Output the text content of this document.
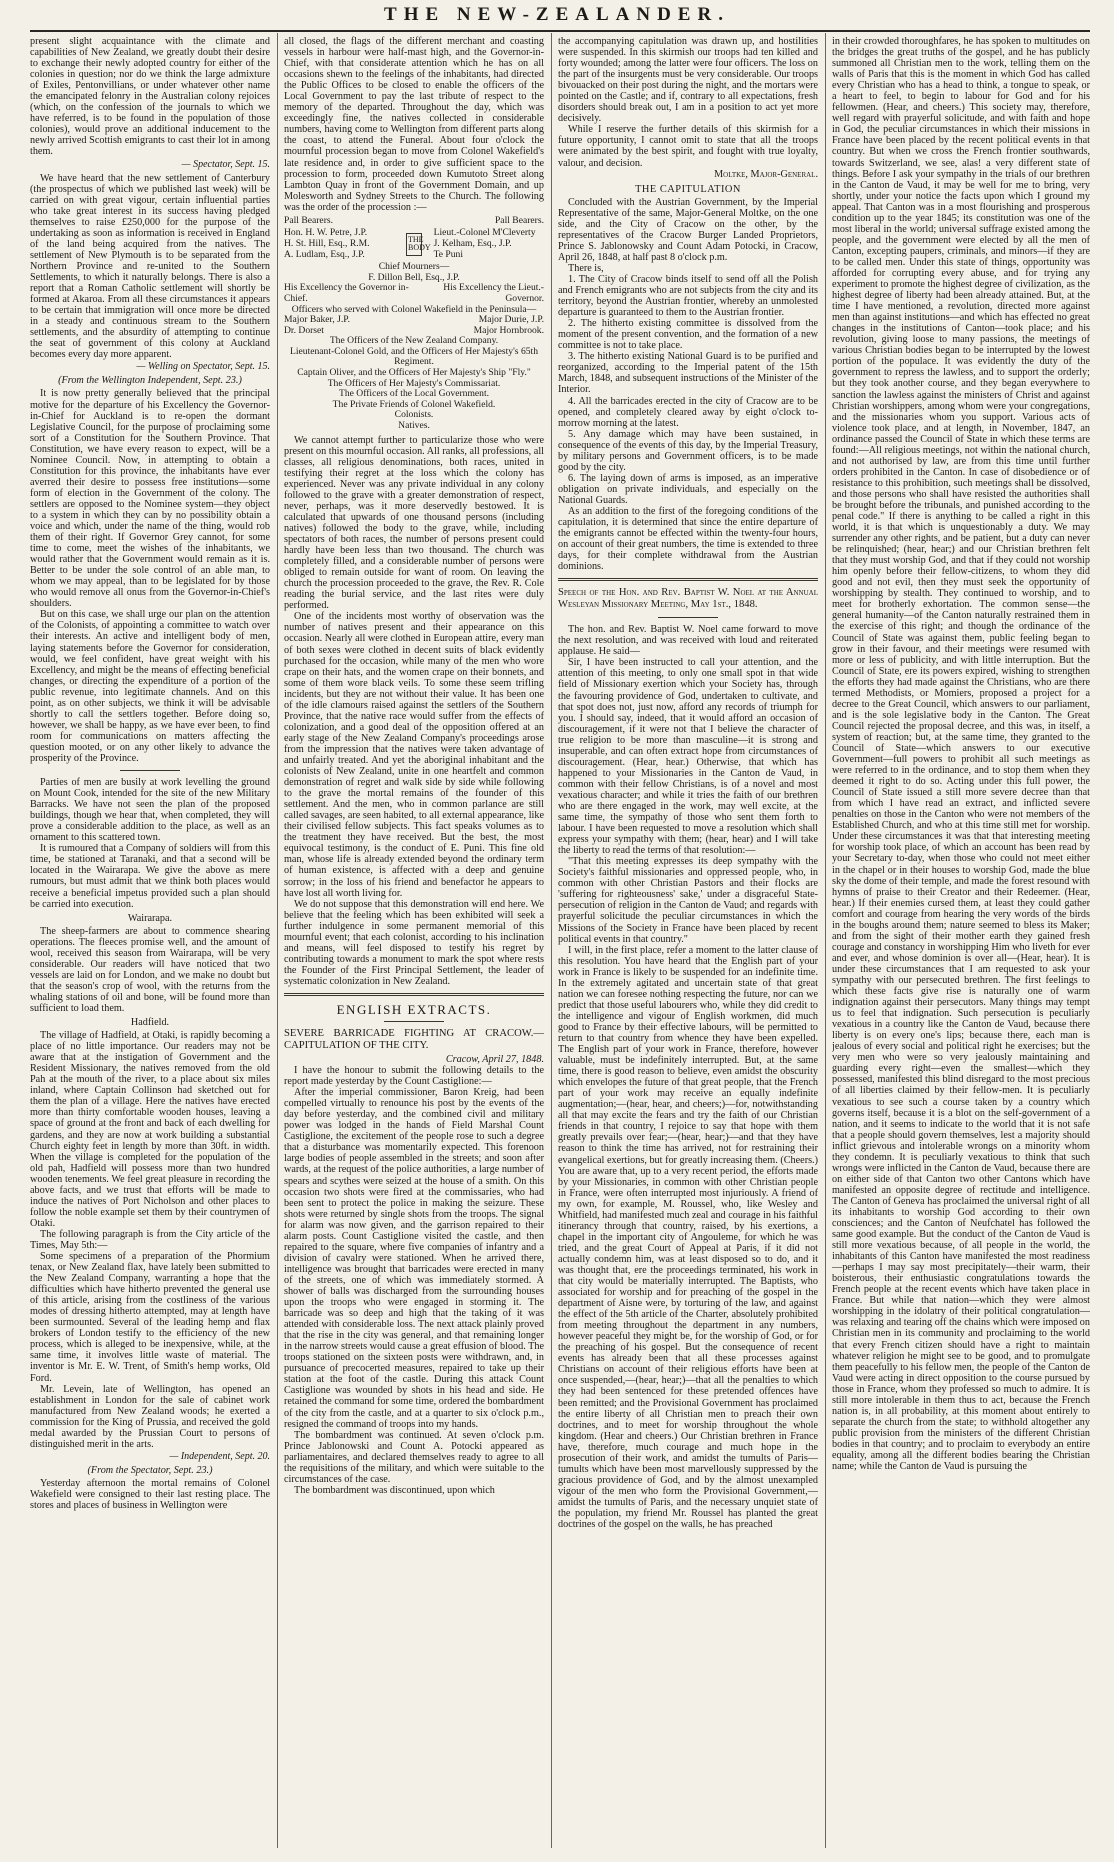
THE NEW-ZEALANDER.

present slight acquaintance with the climate and capabilities of New Zealand, we greatly doubt their desire to exchange their newly adopted country for either of the colonies in question; nor do we think the large admixture of Exiles, Pentonvillians, or under whatever other name the emancipated felonry in the Australian colony rejoices (which, on the confession of the journals to which we have referred, is to be found in the population of those colonies), would prove an additional inducement to the newly arrived Scottish emigrants to cast their lot in among them.

— Spectator, Sept. 15.

We have heard that the new settlement of Canterbury (the prospectus of which we published last week) will be carried on with great vigour, certain influential parties who take great interest in its success having pledged themselves to raise £250,000 for the purpose of the undertaking as soon as information is received in England of the land being acquired from the natives. The settlement of New Plymouth is to be separated from the Northern Province and re-united to the Southern Settlements, to which it naturally belongs. There is also a report that a Roman Catholic settlement will shortly be formed at Akaroa. From all these circumstances it appears to be certain that immigration will once more be directed in a steady and continuous stream to the Southern settlements, and the absurdity of attempting to continue the seat of government of this colony at Auckland becomes every day more apparent.

— Welling on Spectator, Sept. 15.
(From the Wellington Independent, Sept. 23.)

It is now pretty generally believed that the principal motive for the departure of his Excellency the Governor-in-Chief for Auckland is to re-open the dormant Legislative Council, for the purpose of proclaiming some sort of a Constitution for the Southern Province. That Constitution, we have every reason to expect, will be a Nominee Council. Now, in attempting to obtain a Constitution for this province, the inhabitants have ever averred their desire to possess free institutions—some form of election in the Government of the colony. The settlers are opposed to the Nominee system—they object to a system in which they can by no possibility obtain a voice and which, under the name of the thing, would rob them of their right. If Governor Grey cannot, for some time to come, meet the wishes of the inhabitants, we would rather that the Government would remain as it is. Better to be under the sole control of an able man, to whom we may appeal, than to be legislated for by those who would remove all onus from the Governor-in-Chief's shoulders.

But on this case, we shall urge our plan on the attention of the Colonists, of appointing a committee to watch over their interests. An active and intelligent body of men, laying statements before the Governor for consideration, would, we feel confident, have great weight with his Excellency, and might be the means of effecting beneficial changes, or directing the expenditure of a portion of the public revenue, into legitimate channels. And on this point, as on other subjects, we think it will be advisable shortly to call the settlers together. Before doing so, however, we shall be happy, as we have ever been, to find room for communications on matters affecting the question mooted, or on any other likely to advance the prosperity of the Province.

Parties of men are busily at work levelling the ground on Mount Cook, intended for the site of the new Military Barracks. We have not seen the plan of the proposed buildings, though we hear that, when completed, they will prove a considerable addition to the place, as well as an ornament to this scattered town.

It is rumoured that a Company of soldiers will from this time, be stationed at Taranaki, and that a second will be located in the Wairarapa. We give the above as mere rumours, but must admit that we think both places would receive a beneficial impetus provided such a plan should be carried into execution.

Wairarapa.

The sheep-farmers are about to commence shearing operations. The fleeces promise well, and the amount of wool, received this season from Wairarapa, will be very considerable. Our readers will have noticed that two vessels are laid on for London, and we make no doubt but that the season's crop of wool, with the returns from the whaling stations of oil and bone, will be found more than sufficient to load them.

Hadfield.

The village of Hadfield, at Otaki, is rapidly becoming a place of no little importance. Our readers may not be aware that at the instigation of Government and the Resident Missionary, the natives removed from the old Pah at the mouth of the river, to a place about six miles inland, where Captain Collinson had sketched out for them the plan of a village. Here the natives have erected more than thirty comfortable wooden houses, leaving a space of ground at the front and back of each dwelling for gardens, and they are now at work building a substantial Church eighty feet in length by more than 30ft. in width. When the village is completed for the population of the old pah, Hadfield will possess more than two hundred wooden tenements. We feel great pleasure in recording the above facts, and we trust that efforts will be made to induce the natives of Port Nicholson and other places to follow the noble example set them by their countrymen of Otaki.

The following paragraph is from the City article of the Times, May 5th:—

Some specimens of a preparation of the Phormium tenax, or New Zealand flax, have lately been submitted to the New Zealand Company, warranting a hope that the difficulties which have hitherto prevented the general use of this article, arising from the costliness of the various modes of dressing hitherto attempted, may at length have been surmounted. Several of the leading hemp and flax brokers of London testify to the efficiency of the new process, which is alleged to be inexpensive, while, at the same time, it involves little waste of material. The inventor is Mr. E. W. Trent, of Smith's hemp works, Old Ford.

Mr. Levein, late of Wellington, has opened an establishment in London for the sale of cabinet work manufactured from New Zealand woods; he exerted a commission for the King of Prussia, and received the gold medal awarded by the Prussian Court to persons of distinguished merit in the arts.

— Independent, Sept. 20.
(From the Spectator, Sept. 23.)

Yesterday afternoon the mortal remains of Colonel Wakefield were consigned to their last resting place. The stores and places of business in Wellington were

all closed, the flags of the different merchant and coasting vessels in harbour were half-mast high, and the Governor-in-Chief, with that considerate attention which he has on all occasions shewn to the feelings of the inhabitants, had directed the Public Offices to be closed to enable the officers of the Local Government to pay the last tribute of respect to the memory of the departed. Throughout the day, which was exceedingly fine, the natives collected in considerable numbers, having come to Wellington from different parts along the coast, to attend the Funeral. About four o'clock the mournful procession began to move from Colonel Wakefield's late residence and, in order to give sufficient space to the procession to form, proceeded down Kumutoto Street along Lambton Quay in front of the Government Domain, and up Molesworth and Sydney Streets to the Church. The following was the order of the procession :—

Pall Bearers.	Pall Bearers.
Hon. H. W. Petre, J.P.	THE BODY	Lieut.-Colonel M'Cleverty
H. St. Hill, Esq., R.M.		J. Kelham, Esq., J.P.
A. Ludlam, Esq., J.P.		Te Puni
Chief Mourners—
F. Dillon Bell, Esq., J.P.
His Excellency the Governor in-Chief.
His Excellency the Lieut.-Governor.
Officers who served with Colonel Wakefield in the Peninsula—
Major Baker, J.P.	Major Durie, J.P.
Dr. Dorset	Major Hornbrook.
The Officers of the New Zealand Company.
Lieutenant-Colonel Gold, and the Officers of Her Majesty's 65th Regiment.
Captain Oliver, and the Officers of Her Majesty's Ship "Fly."
The Officers of Her Majesty's Commissariat.
The Officers of the Local Government.
The Private Friends of Colonel Wakefield.
Colonists.
Natives.

We cannot attempt further to particularize those who were present on this mournful occasion. All ranks, all professions, all classes, all religious denominations, both races, united in testifying their regret at the loss which the colony has experienced. Never was any private individual in any colony followed to the grave with a greater demonstration of respect, never, perhaps, was it more deservedly bestowed. It is calculated that upwards of one thousand persons (including natives) followed the body to the grave, while, including spectators of both races, the number of persons present could hardly have been less than two thousand. The church was completely filled, and a considerable number of persons were obliged to remain outside for want of room. On leaving the church the procession proceeded to the grave, the Rev. R. Cole reading the burial service, and the last rites were duly performed.

One of the incidents most worthy of observation was the number of natives present and their appearance on this occasion. Nearly all were clothed in European attire, every man of both sexes were clothed in decent suits of black evidently purchased for the occasion, while many of the men who wore crape on their hats, and the women crape on their bonnets, and some of them wore black veils. To some these seem trifling incidents, but they are not without their value. It has been one of the idle clamours raised against the settlers of the Southern Province, that the native race would suffer from the effects of colonization, and a good deal of the opposition offered at an early stage of the New Zealand Company's proceedings arose from the impression that the natives were taken advantage of and unfairly treated. And yet the aboriginal inhabitant and the colonists of New Zealand, unite in one heartfelt and common demonstration of regret and walk side by side while following to the grave the mortal remains of the founder of this settlement. And the men, who in common parlance are still called savages, are seen habited, to all external appearance, like their civilised fellow subjects. This fact speaks volumes as to the treatment they have received. But the best, the most equivocal testimony, is the conduct of E. Puni. This fine old man, whose life is already extended beyond the ordinary term of human existence, is affected with a deep and genuine sorrow; in the loss of his friend and benefactor he appears to have lost all worth living for.

We do not suppose that this demonstration will end here. We believe that the feeling which has been exhibited will seek a further indulgence in some permanent memorial of this mournful event; that each colonist, according to his inclination and means, will feel disposed to testify his regret by contributing towards a monument to mark the spot where rests the Founder of the First Principal Settlement, the leader of systematic colonization in New Zealand.

ENGLISH EXTRACTS.
SEVERE BARRICADE FIGHTING AT CRACOW.—CAPITULATION OF THE CITY.
Cracow, April 27, 1848.

I have the honour to submit the following details to the report made yesterday by the Count Castiglione:—

After the imperial commissioner, Baron Kreig, had been compelled virtually to renounce his post by the events of the day before yesterday, and the combined civil and military power was lodged in the hands of Field Marshal Count Castiglione, the excitement of the people rose to such a degree that a disturbance was momentarily expected. This forenoon large bodies of people assembled in the streets; and soon after wards, at the request of the police authorities, a large number of spears and scythes were seized at the house of a smith. On this occasion two shots were fired at the commissaries, who had been sent to protect the police in making the seizure. These shots were returned by single shots from the troops. The signal for alarm was now given, and the garrison repaired to their alarm posts. Count Castiglione visited the castle, and then repaired to the square, where five companies of infantry and a division of cavalry were stationed. When he arrived there, intelligence was brought that barricades were erected in many of the streets, one of which was immediately stormed. A shower of balls was discharged from the surrounding houses upon the troops who were engaged in storming it. The barricade was so deep and high that the taking of it was attended with considerable loss. The next attack plainly proved that the rise in the city was general, and that remaining longer in the narrow streets would cause a great effusion of blood. The troops stationed on the sixteen posts were withdrawn, and, in pursuance of precocerted measures, repaired to take up their station at the foot of the castle. During this attack Count Castiglione was wounded by shots in his head and side. He retained the command for some time, ordered the bombardment of the city from the castle, and at a quarter to six o'clock p.m., resigned the command of troops into my hands.

The bombardment was continued. At seven o'clock p.m. Prince Jablonowski and Count A. Potocki appeared as parliamentaires, and declared themselves ready to agree to all the requisitions of the military, and which were suitable to the circumstances of the case.

The bombardment was discontinued, upon which

the accompanying capitulation was drawn up, and hostilities were suspended. In this skirmish our troops had ten killed and forty wounded; among the latter were four officers. The loss on the part of the insurgents must be very considerable. Our troops bivouacked on their post during the night, and the mortars were pointed on the Castle; and if, contrary to all expectations, fresh disorders should break out, I am in a position to act yet more decisively.

While I reserve the further details of this skirmish for a future opportunity, I cannot omit to state that all the troops were animated by the best spirit, and fought with true loyalty, valour, and decision.

Moltke, Major-General.
THE CAPITULATION

Concluded with the Austrian Government, by the Imperial Representative of the same, Major-General Moltke, on the one side, and the City of Cracow on the other, by the representatives of the Cracow Burger Landed Proprietors, Prince S. Jablonowsky and Count Adam Potocki, in Cracow, April 26, 1848, at half past 8 o'clock p.m.

There is,

1. The City of Cracow binds itself to send off all the Polish and French emigrants who are not subjects from the city and its territory, beyond the Austrian frontier, whereby an unmolested departure is guaranteed to them to the Austrian frontier.

2. The hitherto existing committee is dissolved from the moment of the present convention, and the formation of a new committee is not to take place.

3. The hitherto existing National Guard is to be purified and reorganized, according to the Imperial patent of the 15th March, 1848, and subsequent instructions of the Minister of the Interior.

4. All the barricades erected in the city of Cracow are to be opened, and completely cleared away by eight o'clock to-morrow morning at the latest.

5. Any damage which may have been sustained, in consequence of the events of this day, by the Imperial Treasury, by military persons and Government officers, is to be made good by the city.

6. The laying down of arms is imposed, as an imperative obligation on private individuals, and especially on the National Guards.

As an addition to the first of the foregoing conditions of the capitulation, it is determined that since the entire departure of the emigrants cannot be effected within the twenty-four hours, on account of their great numbers, the time is extended to three days, for their complete withdrawal from the Austrian dominions.

Speech of the Hon. and Rev. Baptist W. Noel at the Annual Wesleyan Missionary Meeting, May 1st., 1848.

The hon. and Rev. Baptist W. Noel came forward to move the next resolution, and was received with loud and reiterated applause. He said—

Sir, I have been instructed to call your attention, and the attention of this meeting, to only one small spot in that wide field of Missionary exertion which your Society has, through the favouring providence of God, undertaken to cultivate, and that spot does not, just now, afford any records of triumph for you. I should say, indeed, that it would afford an occasion of discouragement, if it were not that I believe the character of true religion to be more than masculine—it is strong and insuperable, and can often extract hope from circumstances of discouragement. (Hear, hear.) Otherwise, that which has happened to your Missionaries in the Canton de Vaud, in common with their fellow Christians, is of a novel and most vexatious character; and while it tries the faith of our brethren who are there engaged in the work, may well excite, at the same time, the sympathy of those who sent them forth to labour. I have been requested to move a resolution which shall express your sympathy with them; (hear, hear) and I will take the liberty to read the terms of that resolution:—

"That this meeting expresses its deep sympathy with the Society's faithful missionaries and oppressed people, who, in common with other Christian Pastors and their flocks are 'suffering for righteousness' sake,' under a disgraceful State-persecution of religion in the Canton de Vaud; and regards with prayerful solicitude the peculiar circumstances in which the Missions of the Society in France have been placed by recent political events in that country."

I will, in the first place, refer a moment to the latter clause of this resolution. You have heard that the English part of your work in France is likely to be suspended for an indefinite time. In the extremely agitated and uncertain state of that great nation we can foresee nothing respecting the future, nor can we predict that those useful labourers who, while they did credit to the intelligence and vigour of English workmen, did much good to France by their effective labours, will be permitted to return to that country from whence they have been expelled. The English part of your work in France, therefore, however valuable, must be indefinitely interrupted. But, at the same time, there is good reason to believe, even amidst the obscurity which envelopes the future of that great people, that the French part of your work may receive an equally indefinite augmentation;—(hear, hear, and cheers;)—for, notwithstanding all that may excite the fears and try the faith of our Christian friends in that country, I rejoice to say that hope with them greatly prevails over fear;—(hear, hear;)—and that they have reason to think the time has arrived, not for restraining their evangelical exertions, but for greatly increasing them. (Cheers.) You are aware that, up to a very recent period, the efforts made by your Missionaries, in common with other Christian people in France, were often interrupted most injuriously. A friend of my own, for example, M. Roussel, who, like Wesley and Whitfield, had manifested much zeal and courage in his faithful itinerancy through that country, raised, by his exertions, a chapel in the important city of Angouleme, for which he was tried, and the great Court of Appeal at Paris, if it did not actually condemn him, was at least disposed so to do, and it was thought that, ere the proceedings terminated, his work in that city would be materially interrupted. The Baptists, who associated for worship and for preaching of the gospel in the department of Aisne were, by torturing of the law, and against the effect of the 5th article of the Charter, absolutely prohibited from meeting throughout the department in any numbers, however peaceful they might be, for the worship of God, or for the preaching of his gospel. But the consequence of recent events has already been that all these processes against Christians on account of their religious efforts have been at once suspended,—(hear, hear;)—that all the penalties to which they had been sentenced for these pretended offences have been remitted; and the Provisional Government has proclaimed the entire liberty of all Christian men to preach their own doctrines, and to meet for worship throughout the whole kingdom. (Hear and cheers.) Our Christian brethren in France have, therefore, much courage and much hope in the prosecution of their work, and amidst the tumults of Paris—tumults which have been most marvellously suppressed by the gracious providence of God, and by the almost unexampled vigour of the men who form the Provisional Government,—amidst the tumults of Paris, and the necessary unquiet state of the population, my friend Mr. Roussel has planted the great doctrines of the gospel on the walls, he has preached

in their crowded thoroughfares, he has spoken to multitudes on the bridges the great truths of the gospel, and he has publicly summoned all Christian men to the work, telling them on the walls of Paris that this is the moment in which God has called every Christian who has a head to think, a tongue to speak, or a heart to feel, to begin to labour for God and for his fellowmen. (Hear, and cheers.) This society may, therefore, well regard with prayerful solicitude, and with faith and hope in God, the peculiar circumstances in which their missions in France have been placed by the recent political events in that country. But when we cross the French frontier southwards, towards Switzerland, we see, alas! a very different state of things. Before I ask your sympathy in the trials of our brethren in the Canton de Vaud, it may be well for me to bring, very shortly, under your notice the facts upon which I ground my appeal. That Canton was in a most flourishing and prosperous condition up to the year 1845; its constitution was one of the most liberal in the world; universal suffrage existed among the people, and the government were elected by all the men of Canton, excepting paupers, criminals, and minors—if they are to be called men. Under this state of things, opportunity was afforded for corrupting every abuse, and for trying any experiment to promote the highest degree of civilization, as the highest degree of liberty had been already attained. But, at the time I have mentioned, a revolution, directed more against men than against institutions—and which has effected no great changes in the institutions of Canton—took place; and his revolution, giving loose to many passions, the meetings of various Christian bodies began to be interrupted by the lowest portion of the populace. It was evidently the duty of the government to repress the lawless, and to support the orderly; but they took another course, and they began everywhere to sanction the lawless against the ministers of Christ and against Christian worshippers, among whom were your congregations, and the missionaries whom you support. Various acts of violence took place, and at length, in November, 1847, an ordinance passed the Council of State in which these terms are found:—All religious meetings, not within the national church, and not authorised by law, are from this time until further orders prohibited in the Canton. In case of disobedience or of resistance to this prohibition, such meetings shall be dissolved, and those persons who shall have resisted the authorities shall be brought before the tribunals, and punished according to the penal code." If there is anything to be called a right in this world, it is that which is unquestionably a duty. We may surrender any other rights, and be patient, but a duty can never be relinquished; (hear, hear;) and our Christian brethren felt that they must worship God, and that if they could not worship him openly before their fellow-citizens, to whom they did good and not evil, then they must seek the opportunity of worshipping by stealth. They continued to worship, and to meet for brotherly exhortation. The common sense—the general humanity—of the Canton naturally restrained them in the exercise of this right; and though the ordinance of the Council of State was against them, public feeling began to grow in their favour, and their meetings were resumed with more or less of publicity, and with little interruption. But the Council of State, ere its powers expired, wishing to strengthen the efforts they had made against the Christians, who are there termed Methodists, or Momiers, proposed a project for a decree to the Great Council, which answers to our parliament, and is the sole legislative body in the Canton. The Great Council rejected the proposal decree, and this was, in itself, a system of reaction; but, at the same time, they granted to the Council of State—which answers to our executive Government—full powers to prohibit all such meetings as were referred to in the ordinance, and to stop them when they deemed it right to do so. Acting under this full power, the Council of State issued a still more severe decree than that from which I have read an extract, and inflicted severe penalties on those in the Canton who were not members of the Established Church, and who at this time still met for worship. Under these circumstances it was that that interesting meeting for worship took place, of which an account has been read by your Secretary to-day, when those who could not meet either in the chapel or in their houses to worship God, made the blue sky the dome of their temple, and made the forest resound with hymns of praise to their Creator and their Redeemer. (Hear, hear.) If their enemies cursed them, at least they could gather comfort and courage from hearing the very words of the birds in the boughs around them; nature seemed to bless its Maker; and from the sight of their mother earth they gained fresh courage and constancy in worshipping Him who liveth for ever and ever, and whose dominion is over all—(Hear, hear). It is under these circumstances that I am requested to ask your sympathy with our persecuted brethren. The first feelings to which these facts give rise is naturally one of warm indignation against their persecutors. Many things may tempt us to feel that indignation. Such persecution is peculiarly vexatious in a country like the Canton de Vaud, because there liberty is on every one's lips; because there, each man is jealous of every social and political right he exercises; but the very men who were so very jealously maintaining and guarding every right—even the smallest—which they possessed, manifested this blind disregard to the most precious of all liberties claimed by their fellow-men. It is peculiarly vexatious to see such a course taken by a country which governs itself, because it is a blot on the self-government of a nation, and it seems to indicate to the world that it is not safe that a people should govern themselves, lest a majority should inflict grievous and intolerable wrongs on a minority whom they condemn. It is peculiarly vexatious to think that such wrongs were inflicted in the Canton de Vaud, because there are on either side of that Canton two other Cantons which have manifested an opposite degree of rectitude and intelligence. The Canton of Geneva has proclaimed the universal right of all its inhabitants to worship God according to their own consciences; and the Canton of Neufchatel has followed the same good example. But the conduct of the Canton de Vaud is still more vexatious because, of all people in the world, the inhabitants of this Canton have manifested the most readiness—perhaps I may say most precipitately—their warm, their boisterous, their enthusiastic congratulations towards the French people at the recent events which have taken place in France. But while that nation—which they were almost worshipping in the idolatry of their political congratulation—was relaxing and tearing off the chains which were imposed on Christian men in its community and proclaiming to the world that every French citizen should have a right to maintain whatever religion he might see to be good, and to promulgate them peacefully to his fellow men, the people of the Canton de Vaud were acting in direct opposition to the course pursued by those in France, whom they professed so much to admire. It is still more intolerable in them thus to act, because the French nation is, in all probability, at this moment about entirely to separate the church from the state; to withhold altogether any public provision from the ministers of the different Christian bodies in that country; and to proclaim to everybody an entire equality, among all the different bodies bearing the Christian name; while the Canton de Vaud is pursuing the
